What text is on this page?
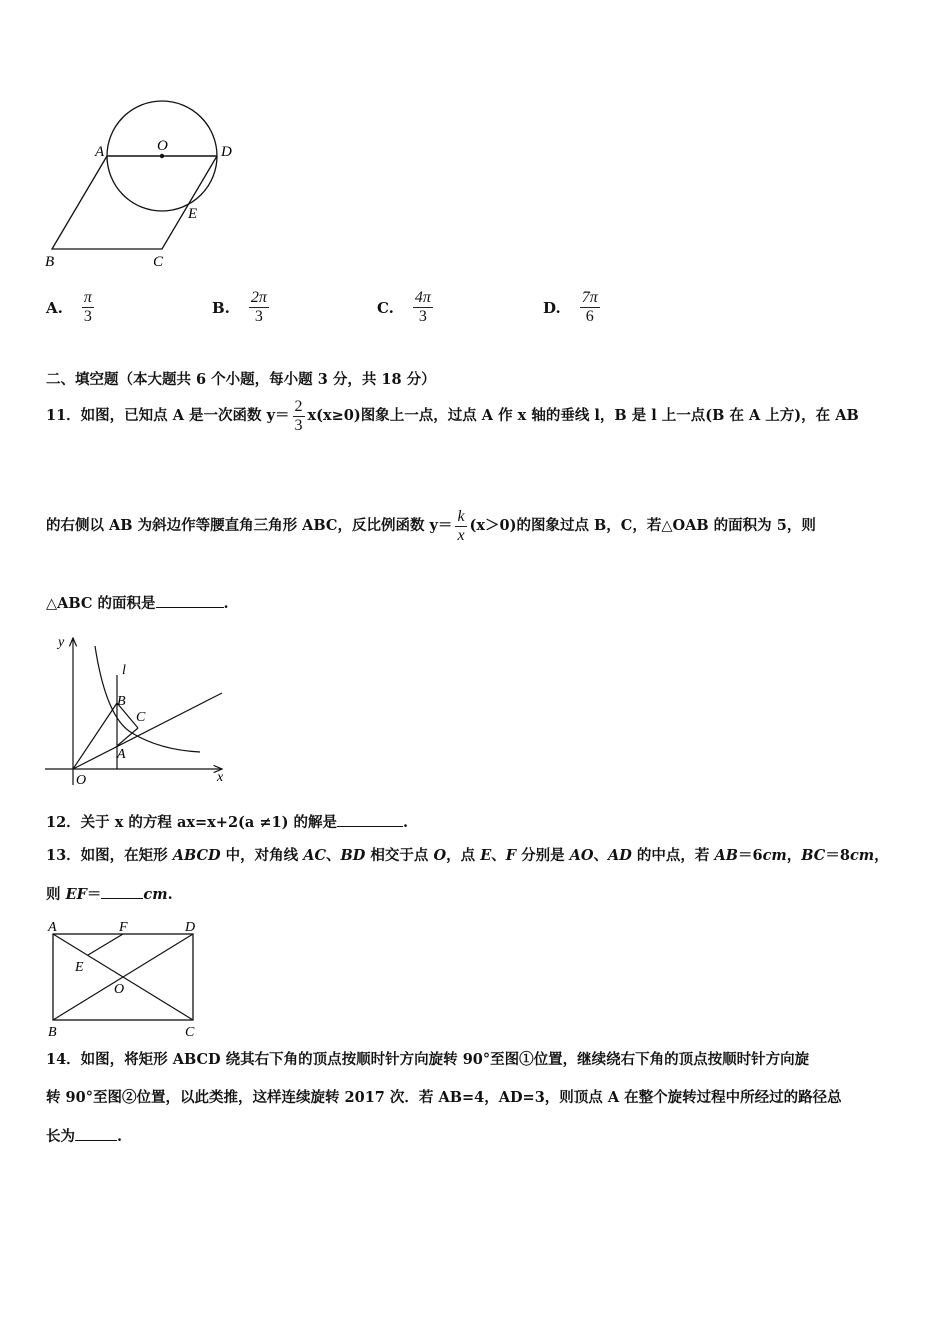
A	O	D
E
B	C
A. $\frac{\pi}{3}$	B. $\frac{2\pi}{3}$	C. $\frac{4\pi}{3}$	D. $\frac{7\pi}{6}$
二、填空题（本大题共 6 个小题，每小题 3 分，共 18 分）
11．如图，已知点 A 是一次函数 $y= \frac{2}{3} x(x\ge 0)$图象上一点，过点 A 作 x 轴的垂线 l，B 是 l 上一点(B 在 A 上方)，在 AB
的右侧以 AB 为斜边作等腰直角三角形 ABC，反比例函数 $y= \frac{k}{x} (x>0)$的图象过点 B，C，若△OAB 的面积为 5，则
△ABC 的面积是	.
y
l
B
C
A
O	x
12．关于 x 的方程 ax=x+2(a ≠1) 的解是	.
13．如图，在矩形 ABCD 中，对角线 AC、BD 相交于点 O，点 E、F 分别是 AO、AD 的中点，若 AB＝6cm，BC＝8cm，
则 EF＝	cm.
A	F	D
E
O
B	C
14．如图，将矩形 ABCD 绕其右下角的顶点按顺时针方向旋转 90°至图①位置，继续绕右下角的顶点按顺时针方向旋
转 90°至图②位置，以此类推，这样连续旋转 2017 次．若 AB=4，AD=3，则顶点 A 在整个旋转过程中所经过的路径总
长为	.
